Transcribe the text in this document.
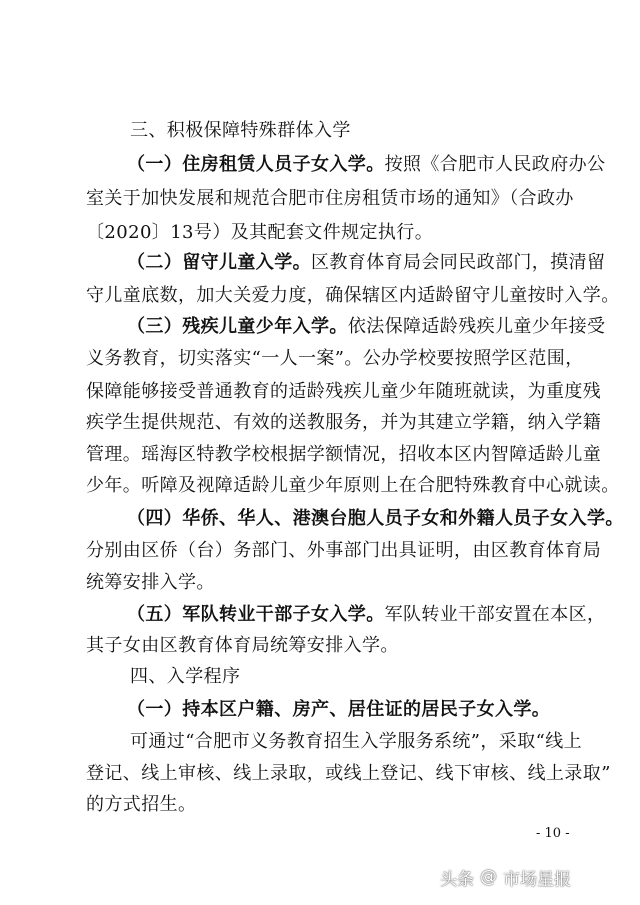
三、积极保障特殊群体入学
（一）住房租赁人员子女入学。按照《合肥市人民政府办公
室关于加快发展和规范合肥市住房租赁市场的通知》（合政办
〔2020〕13号）及其配套文件规定执行。
（二）留守儿童入学。区教育体育局会同民政部门，摸清留
守儿童底数，加大关爱力度，确保辖区内适龄留守儿童按时入学。
（三）残疾儿童少年入学。依法保障适龄残疾儿童少年接受
义务教育，切实落实“一人一案”。公办学校要按照学区范围，
保障能够接受普通教育的适龄残疾儿童少年随班就读，为重度残
疾学生提供规范、有效的送教服务，并为其建立学籍，纳入学籍
管理。瑶海区特教学校根据学额情况，招收本区内智障适龄儿童
少年。听障及视障适龄儿童少年原则上在合肥特殊教育中心就读。
（四）华侨、华人、港澳台胞人员子女和外籍人员子女入学。
分别由区侨（台）务部门、外事部门出具证明，由区教育体育局
统筹安排入学。
（五）军队转业干部子女入学。军队转业干部安置在本区，
其子女由区教育体育局统筹安排入学。
四、入学程序
（一）持本区户籍、房产、居住证的居民子女入学。
可通过“合肥市义务教育招生入学服务系统”，采取“线上
登记、线上审核、线上录取，或线上登记、线下审核、线上录取”
的方式招生。
- 10 -
头条 @ 市场星报
